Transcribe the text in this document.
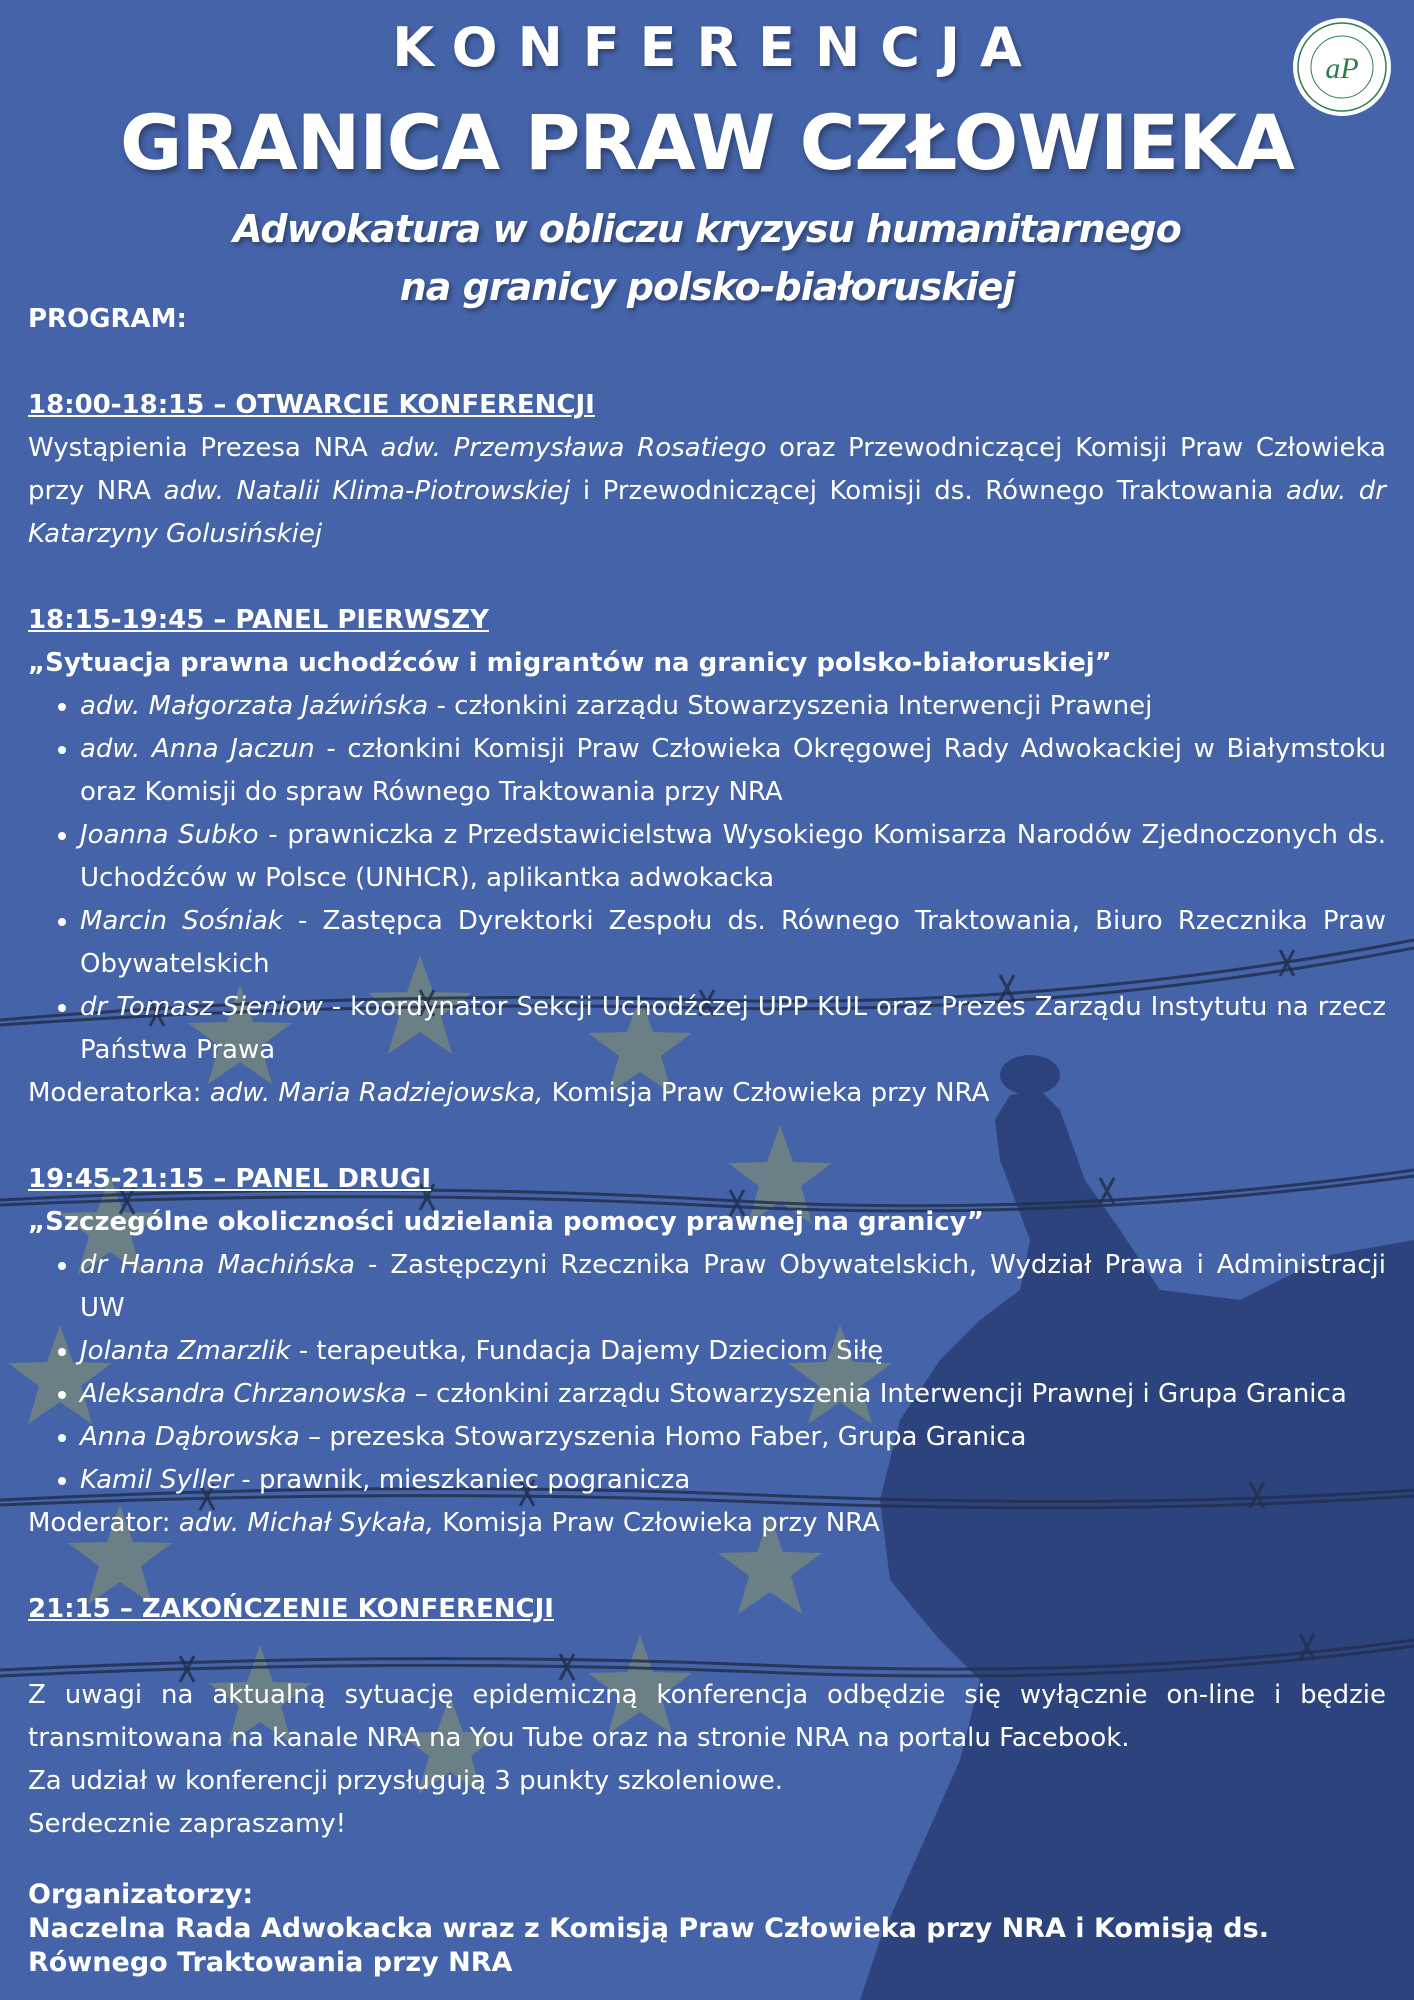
aP
KONFERENCJA
GRANICA PRAW CZŁOWIEKA
Adwokatura w obliczu kryzysu humanitarnego
na granicy polsko-białoruskiej

PROGRAM:

18:00-18:15 – OTWARCIE KONFERENCJI

Wystąpienia Prezesa NRA adw. Przemysława Rosatiego oraz Przewodniczącej Komisji Praw Człowieka przy NRA adw. Natalii Klima-Piotrowskiej i Przewodniczącej Komisji ds. Równego Traktowania adw. dr Katarzyny Golusińskiej

18:15-19:45 – PANEL PIERWSZY

„Sytuacja prawna uchodźców i migrantów na granicy polsko-białoruskiej”

• adw. Małgorzata Jaźwińska - członkini zarządu Stowarzyszenia Interwencji Prawnej
• adw. Anna Jaczun - członkini Komisji Praw Człowieka Okręgowej Rady Adwokackiej w Białymstoku oraz Komisji do spraw Równego Traktowania przy NRA
• Joanna Subko - prawniczka z Przedstawicielstwa Wysokiego Komisarza Narodów Zjednoczonych ds. Uchodźców w Polsce (UNHCR), aplikantka adwokacka
• Marcin Sośniak - Zastępca Dyrektorki Zespołu ds. Równego Traktowania, Biuro Rzecznika Praw Obywatelskich
• dr Tomasz Sieniow - koordynator Sekcji Uchodźczej UPP KUL oraz Prezes Zarządu Instytutu na rzecz Państwa Prawa

Moderatorka: adw. Maria Radziejowska, Komisja Praw Człowieka przy NRA

19:45-21:15 – PANEL DRUGI

„Szczególne okoliczności udzielania pomocy prawnej na granicy”

• dr Hanna Machińska - Zastępczyni Rzecznika Praw Obywatelskich, Wydział Prawa i Administracji UW
• Jolanta Zmarzlik - terapeutka, Fundacja Dajemy Dzieciom Siłę
• Aleksandra Chrzanowska – członkini zarządu Stowarzyszenia Interwencji Prawnej i Grupa Granica
• Anna Dąbrowska – prezeska Stowarzyszenia Homo Faber, Grupa Granica
• Kamil Syller - prawnik, mieszkaniec pogranicza

Moderator: adw. Michał Sykała, Komisja Praw Człowieka przy NRA

21:15 – ZAKOŃCZENIE KONFERENCJI

Z uwagi na aktualną sytuację epidemiczną konferencja odbędzie się wyłącznie on-line i będzie transmitowana na kanale NRA na You Tube oraz na stronie NRA na portalu Facebook.

Za udział w konferencji przysługują 3 punkty szkoleniowe.

Serdecznie zapraszamy!

Organizatorzy:

Naczelna Rada Adwokacka wraz z Komisją Praw Człowieka przy NRA i Komisją ds. Równego Traktowania przy NRA
